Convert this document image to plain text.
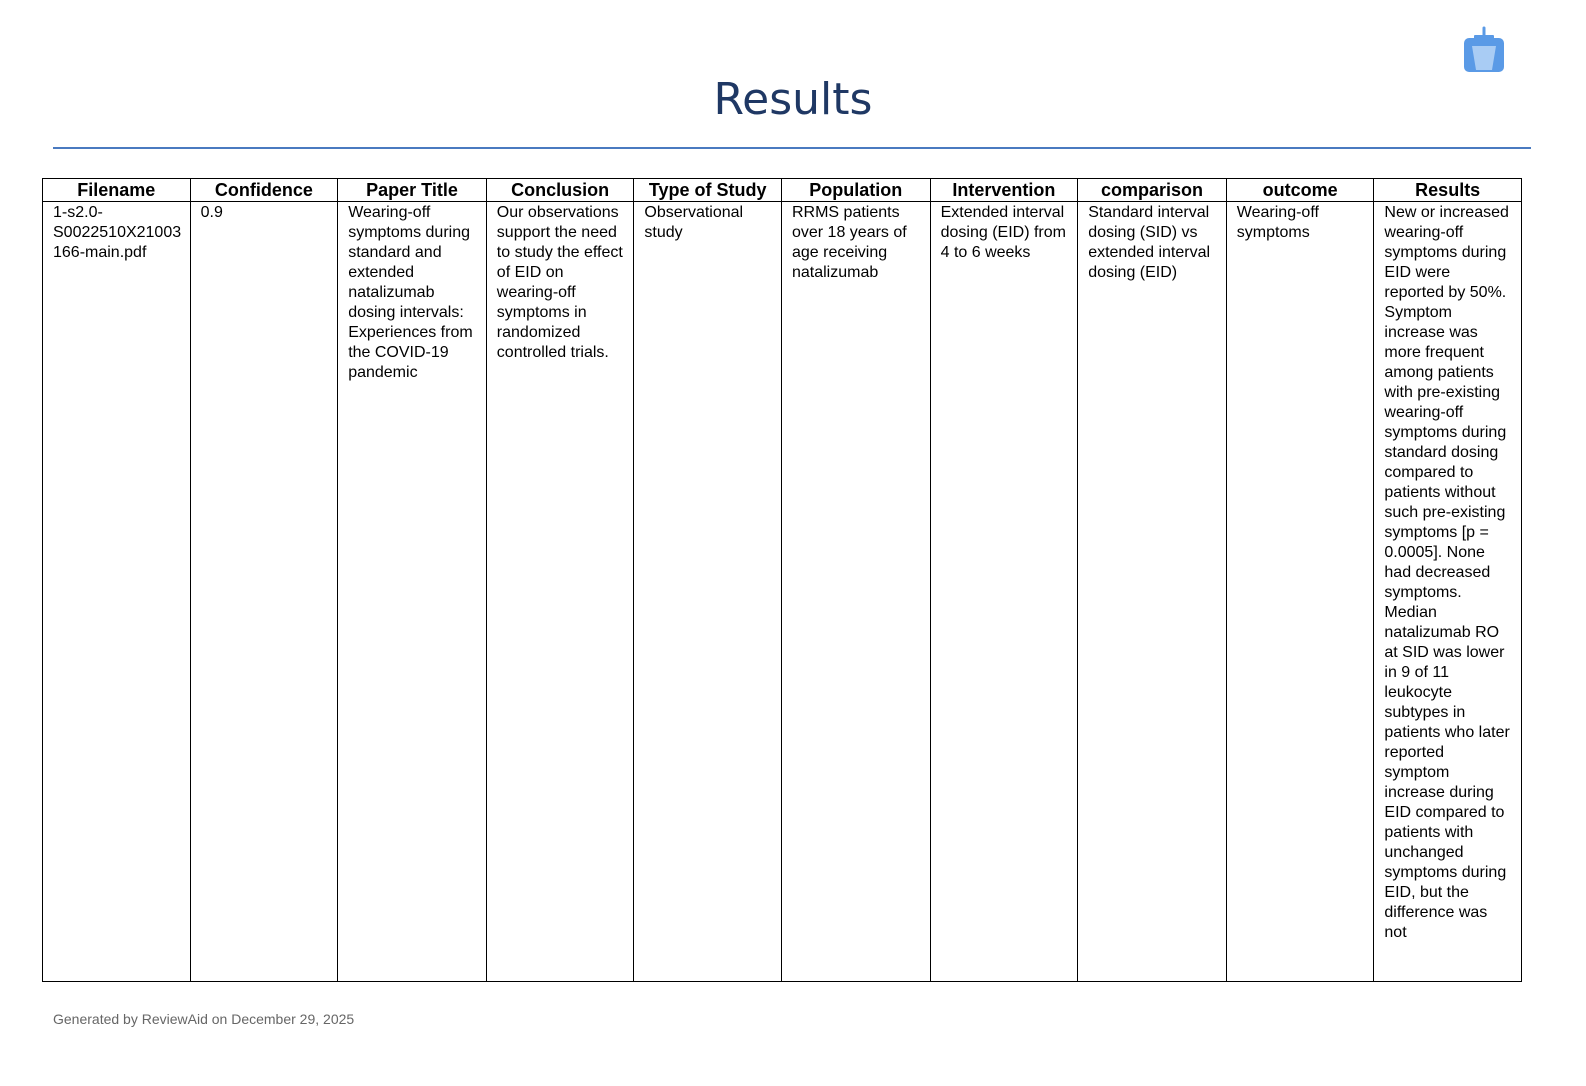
Results
Filename	Confidence	Paper Title	Conclusion	Type of Study	Population	Intervention	comparison	outcome	Results
1-s2.0-S0022510X21003166-main.pdf	0.9	Wearing-off symptoms during standard and extended natalizumab dosing intervals: Experiences from the COVID-19 pandemic	Our observations support the need to study the effect of EID on wearing-off symptoms in randomized controlled trials.	Observational study	RRMS patients over 18 years of age receiving natalizumab	Extended interval dosing (EID) from 4 to 6 weeks	Standard interval dosing (SID) vs extended interval dosing (EID)	Wearing-off symptoms	New or increased wearing-off symptoms during EID were reported by 50%. Symptom increase was more frequent among patients with pre-existing wearing-off symptoms during standard dosing compared to patients without such pre-existing symptoms [p = 0.0005]. None had decreased symptoms. Median natalizumab RO at SID was lower in 9 of 11 leukocyte subtypes in patients who later reported symptom increase during EID compared to patients with unchanged symptoms during EID, but the difference was not
Generated by ReviewAid on December 29, 2025
